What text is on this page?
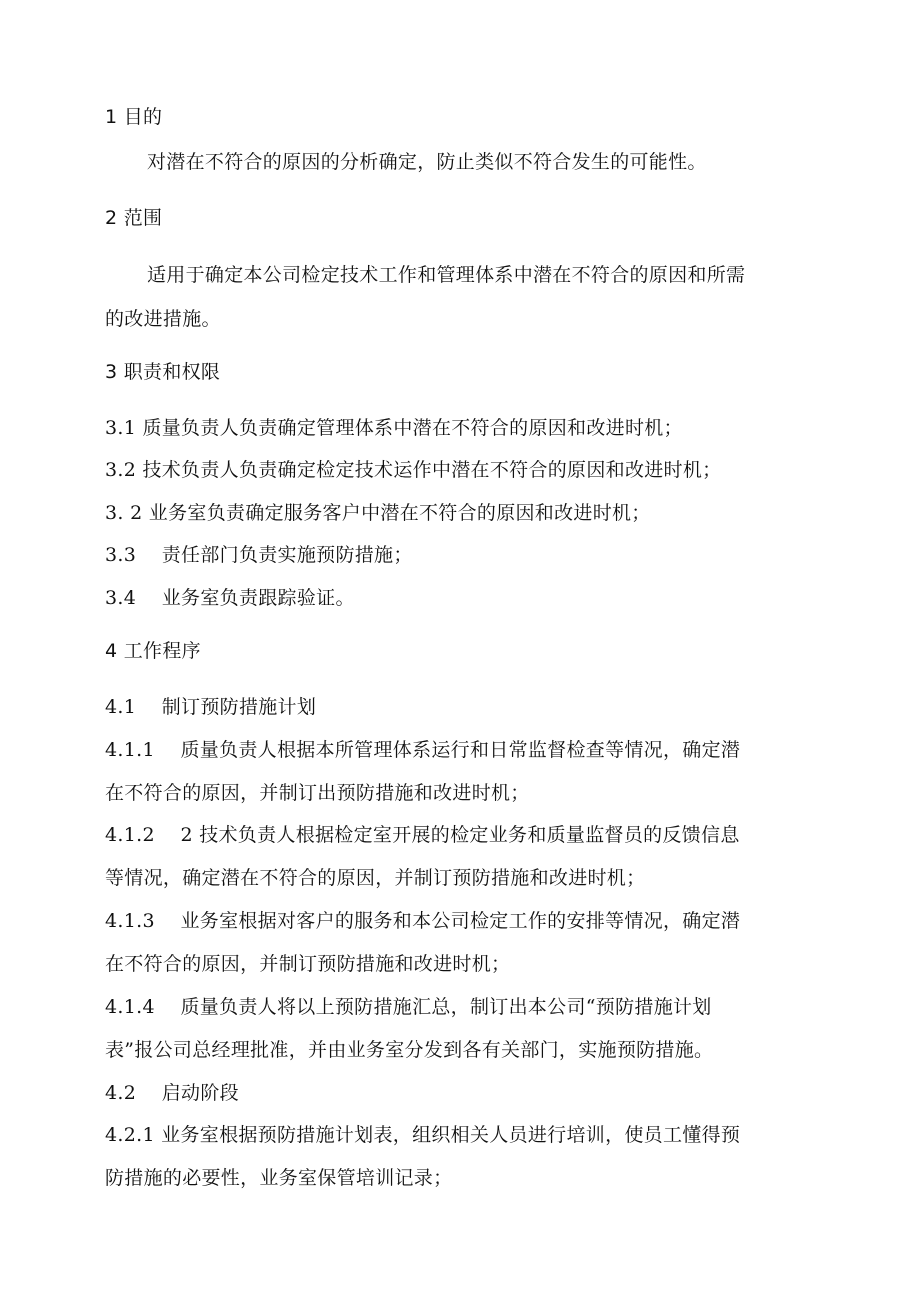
1 目的
对潜在不符合的原因的分析确定，防止类似不符合发生的可能性。
2 范围
适用于确定本公司检定技术工作和管理体系中潜在不符合的原因和所需
的改进措施。
3 职责和权限
3.1 质量负责人负责确定管理体系中潜在不符合的原因和改进时机；
3.2 技术负责人负责确定检定技术运作中潜在不符合的原因和改进时机；
3. 2 业务室负责确定服务客户中潜在不符合的原因和改进时机；
3.3　 责任部门负责实施预防措施；
3.4　 业务室负责跟踪验证。
4 工作程序
4.1　 制订预防措施计划
4.1.1　 质量负责人根据本所管理体系运行和日常监督检查等情况，确定潜
在不符合的原因，并制订出预防措施和改进时机；
4.1.2　 2 技术负责人根据检定室开展的检定业务和质量监督员的反馈信息
等情况，确定潜在不符合的原因，并制订预防措施和改进时机；
4.1.3　 业务室根据对客户的服务和本公司检定工作的安排等情况，确定潜
在不符合的原因，并制订预防措施和改进时机；
4.1.4　 质量负责人将以上预防措施汇总，制订出本公司“预防措施计划
表”报公司总经理批准，并由业务室分发到各有关部门，实施预防措施。
4.2　 启动阶段
4.2.1 业务室根据预防措施计划表，组织相关人员进行培训，使员工懂得预
防措施的必要性，业务室保管培训记录；
